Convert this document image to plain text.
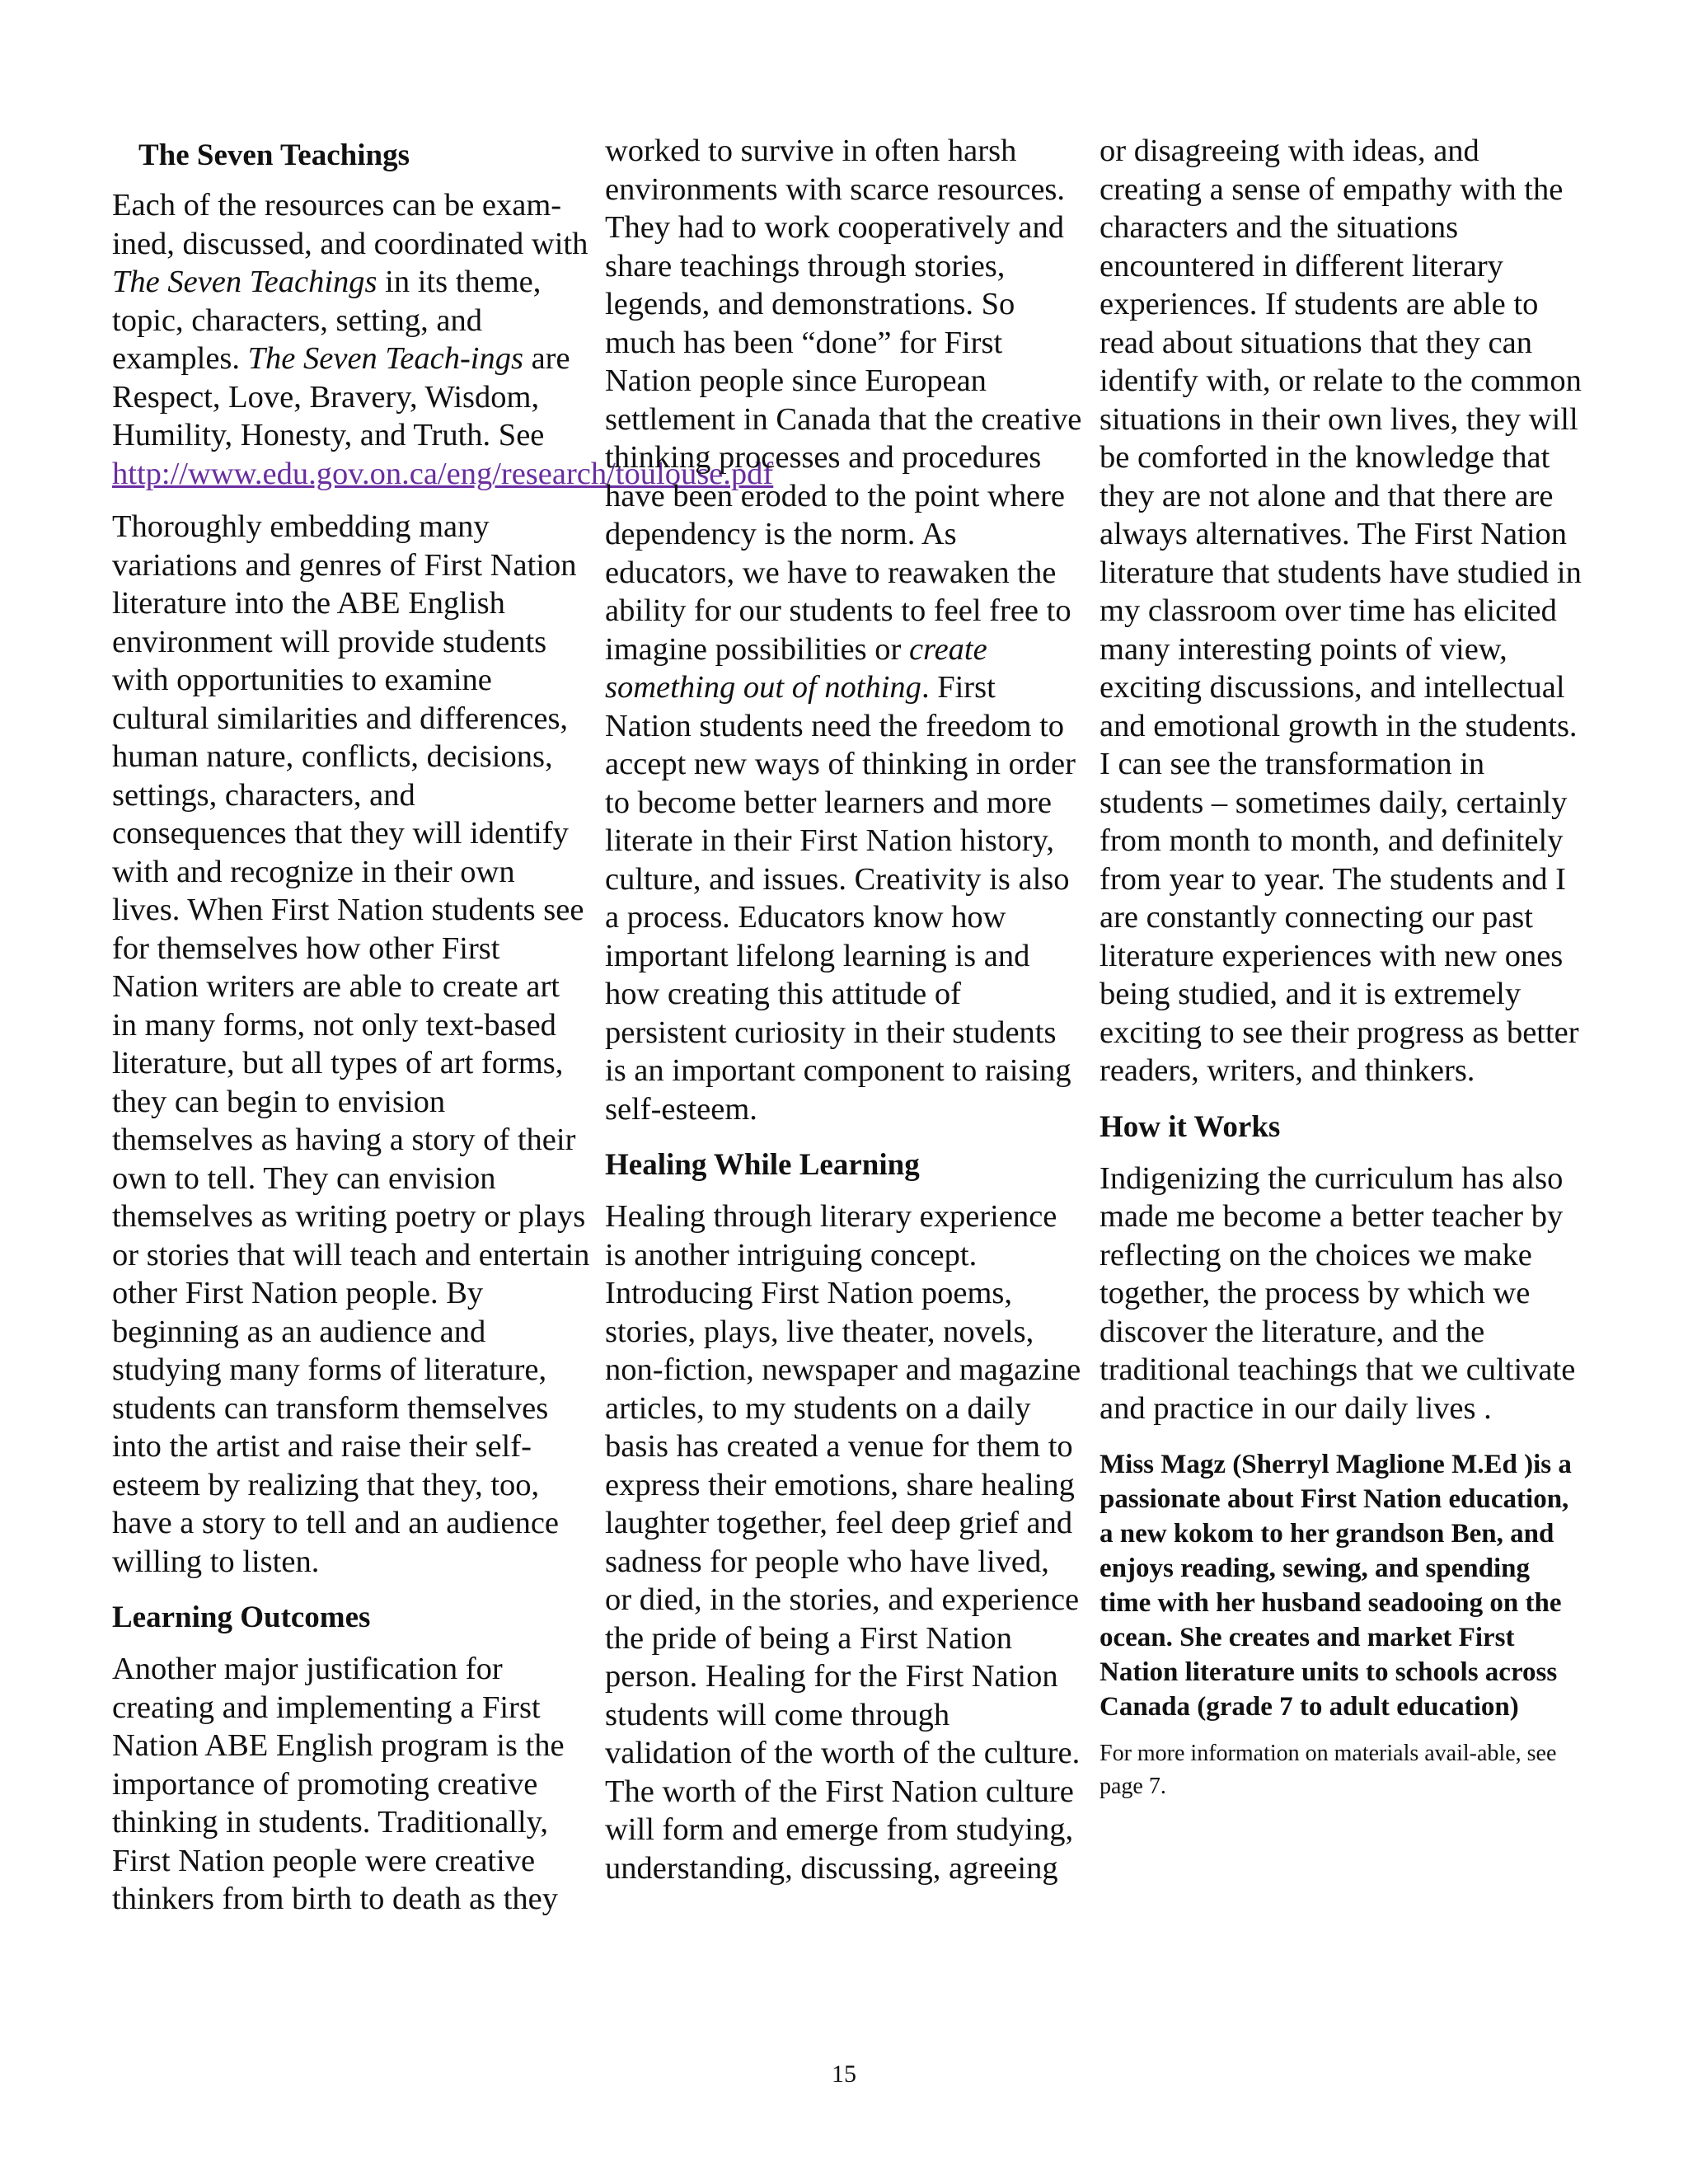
The Seven Teachings

Each of the resources can be exam-ined, discussed, and coordinated with The Seven Teachings in its theme, topic, characters, setting, and examples. The Seven Teach-ings are Respect, Love, Bravery, Wisdom, Humility, Honesty, and Truth. See http://www.edu.gov.on.ca/eng/research/toulouse.pdf

Thoroughly embedding many variations and genres of First Nation literature into the ABE English environment will provide students with opportunities to examine cultural similarities and differences, human nature, conflicts, decisions, settings, characters, and consequences that they will identify with and recognize in their own lives. When First Nation students see for themselves how other First Nation writers are able to create art in many forms, not only text-based literature, but all types of art forms, they can begin to envision themselves as having a story of their own to tell. They can envision themselves as writing poetry or plays or stories that will teach and entertain other First Nation people. By beginning as an audience and studying many forms of literature, students can transform themselves into the artist and raise their self-esteem by realizing that they, too, have a story to tell and an audience willing to listen.

Learning Outcomes

Another major justification for creating and implementing a First Nation ABE English program is the importance of promoting creative thinking in students. Traditionally, First Nation people were creative thinkers from birth to death as they

worked to survive in often harsh environments with scarce resources. They had to work cooperatively and share teachings through stories, legends, and demonstrations. So much has been “done” for First Nation people since European settlement in Canada that the creative thinking processes and procedures have been eroded to the point where dependency is the norm. As educators, we have to reawaken the ability for our students to feel free to imagine possibilities or create something out of nothing. First Nation students need the freedom to accept new ways of thinking in order to become better learners and more literate in their First Nation history, culture, and issues. Creativity is also a process. Educators know how important lifelong learning is and how creating this attitude of persistent curiosity in their students is an important component to raising self-esteem.

Healing While Learning

Healing through literary experience is another intriguing concept. Introducing First Nation poems, stories, plays, live theater, novels, non-fiction, newspaper and magazine articles, to my students on a daily basis has created a venue for them to express their emotions, share healing laughter together, feel deep grief and sadness for people who have lived, or died, in the stories, and experience the pride of being a First Nation person. Healing for the First Nation students will come through validation of the worth of the culture. The worth of the First Nation culture will form and emerge from studying, understanding, discussing, agreeing

or disagreeing with ideas, and creating a sense of empathy with the characters and the situations encountered in different literary experiences. If students are able to read about situations that they can identify with, or relate to the common situations in their own lives, they will be comforted in the knowledge that they are not alone and that there are always alternatives. The First Nation literature that students have studied in my classroom over time has elicited many interesting points of view, exciting discussions, and intellectual and emotional growth in the students. I can see the transformation in students – sometimes daily, certainly from month to month, and definitely from year to year. The students and I are constantly connecting our past literature experiences with new ones being studied, and it is extremely exciting to see their progress as better readers, writers, and thinkers.

How it Works

Indigenizing the curriculum has also made me become a better teacher by reflecting on the choices we make together, the process by which we discover the literature, and the traditional teachings that we cultivate and practice in our daily lives .

Miss Magz (Sherryl Maglione M.Ed )is a passionate about First Nation education, a new kokom to her grandson Ben, and enjoys reading, sewing, and spending time with her husband seadooing on the ocean. She creates and market First Nation literature units to schools across Canada (grade 7 to adult education)

For more information on materials avail-able, see page 7.

15
